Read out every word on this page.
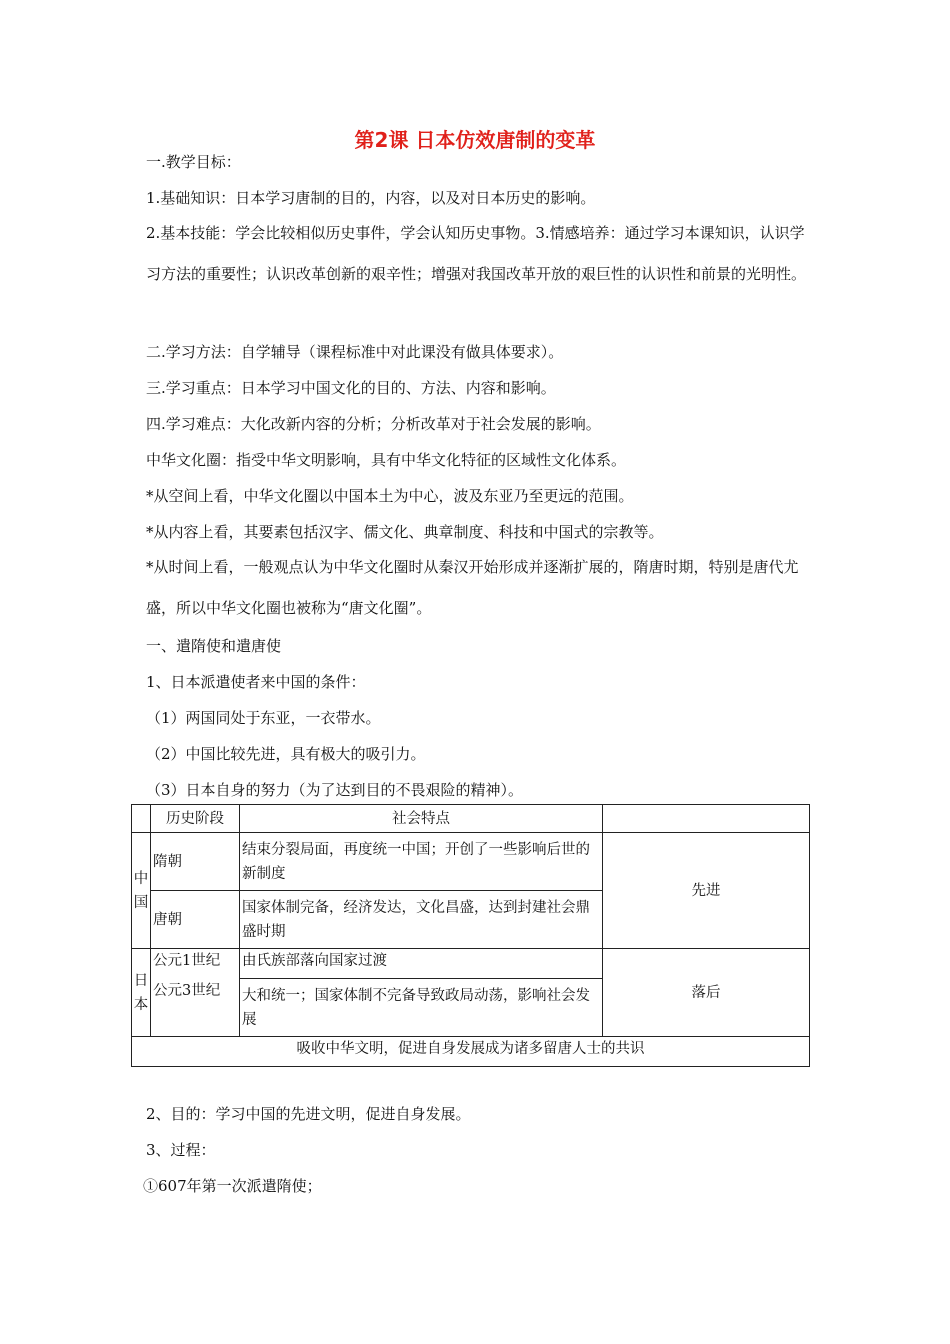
第2课 日本仿效唐制的变革
一.教学目标：
1.基础知识：日本学习唐制的目的，内容，以及对日本历史的影响。
2.基本技能：学会比较相似历史事件，学会认知历史事物。3.情感培养：通过学习本课知识，认识学习方法的重要性；认识改革创新的艰辛性；增强对我国改革开放的艰巨性的认识性和前景的光明性。
二.学习方法：自学辅导（课程标准中对此课没有做具体要求）。
三.学习重点：日本学习中国文化的目的、方法、内容和影响。
四.学习难点：大化改新内容的分析；分析改革对于社会发展的影响。
中华文化圈：指受中华文明影响，具有中华文化特征的区域性文化体系。
*从空间上看，中华文化圈以中国本土为中心，波及东亚乃至更远的范围。
*从内容上看，其要素包括汉字、儒文化、典章制度、科技和中国式的宗教等。
*从时间上看，一般观点认为中华文化圈时从秦汉开始形成并逐渐扩展的，隋唐时期，特别是唐代尤盛，所以中华文化圈也被称为“唐文化圈”。
一、遣隋使和遣唐使
1、日本派遣使者来中国的条件：
（1）两国同处于东亚，一衣带水。
（2）中国比较先进，具有极大的吸引力。
（3）日本自身的努力（为了达到目的不畏艰险的精神）。
	历史阶段	社会特点	
中国	隋朝	结束分裂局面，再度统一中国；开创了一些影响后世的新制度	先进
	唐朝	国家体制完备，经济发达，文化昌盛，达到封建社会鼎盛时期	
日本	公元1世纪	由氏族部落向国家过渡	落后
	公元3世纪	大和统一；国家体制不完备导致政局动荡，影响社会发展	
吸收中华文明，促进自身发展成为诸多留唐人士的共识			
2、目的：学习中国的先进文明，促进自身发展。
3、过程：
①607年第一次派遣隋使；
